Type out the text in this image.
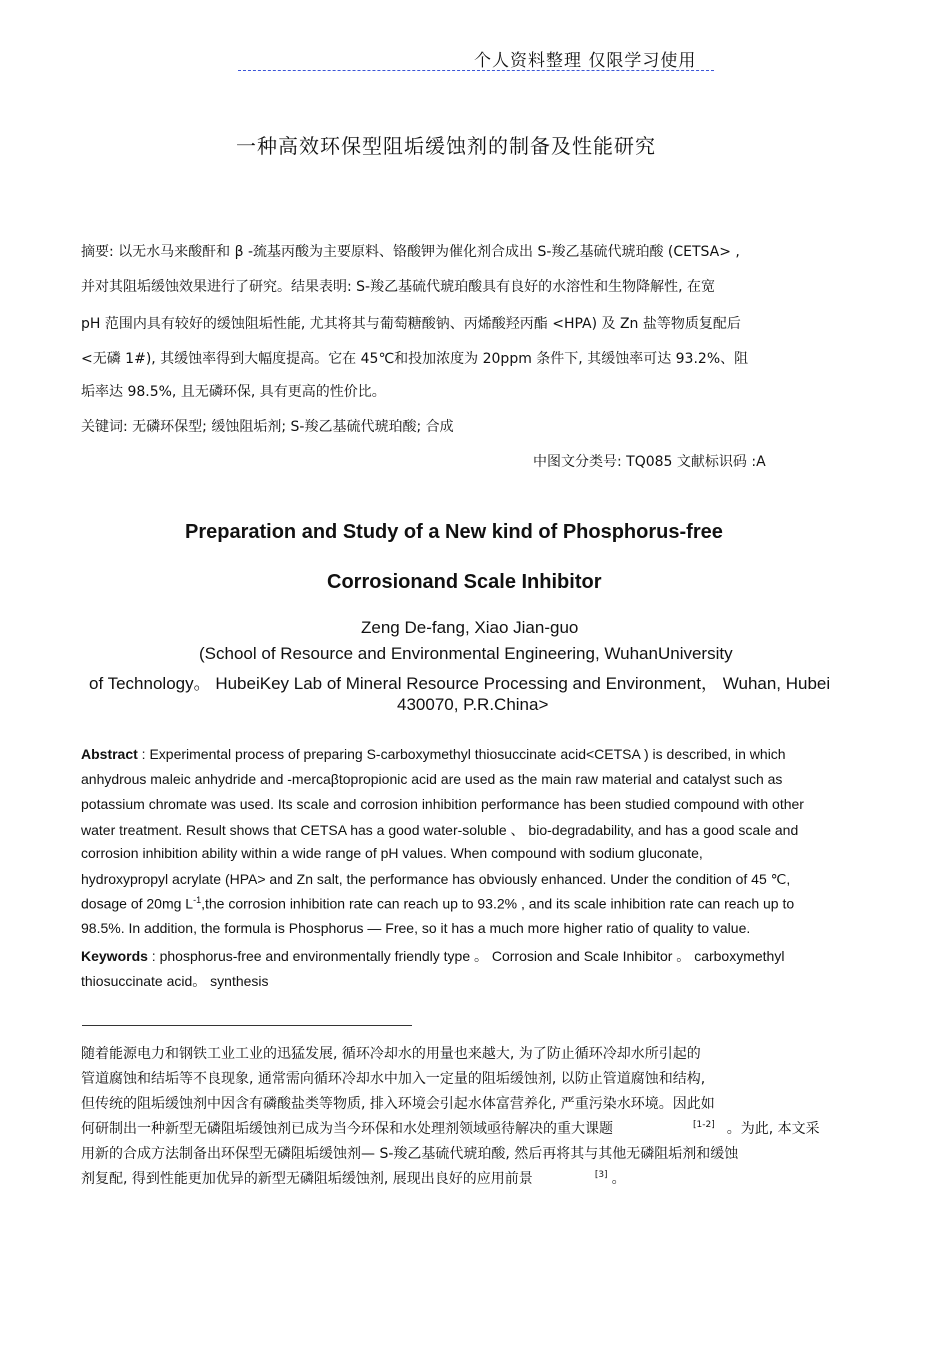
个人资料整理 仅限学习使用
一种高效环保型阻垢缓蚀剂的制备及性能研究
摘要: 以无水马来酸酐和 β -巯基丙酸为主要原料、铬酸钾为催化剂合成出 S-羧乙基硫代琥珀酸 (CETSA> ,
并对其阻垢缓蚀效果进行了研究。结果表明: S-羧乙基硫代琥珀酸具有良好的水溶性和生物降解性, 在宽
pH 范围内具有较好的缓蚀阻垢性能, 尤其将其与葡萄糖酸钠、丙烯酸羟丙酯 <HPA) 及 Zn 盐等物质复配后
<无磷 1#), 其缓蚀率得到大幅度提高。它在 45℃和投加浓度为 20ppm 条件下, 其缓蚀率可达 93.2%、阻
垢率达 98.5%, 且无磷环保, 具有更高的性价比。
关键词: 无磷环保型; 缓蚀阻垢剂; S-羧乙基硫代琥珀酸; 合成
中图文分类号: TQ085 文献标识码 :A
Preparation and Study of a New kind of Phosphorus-free
Corrosionand Scale Inhibitor
Zeng De-fang, Xiao Jian-guo
(School of Resource and Environmental Engineering, WuhanUniversity
of Technology。 HubeiKey Lab of Mineral Resource Processing and Environment， Wuhan, Hubei
430070, P.R.China>
Abstract : Experimental process of preparing S-carboxymethyl thiosuccinate acid<CETSA ) is described, in which
anhydrous maleic anhydride and -mercaβtopropionic acid are used as the main raw material and catalyst such as
potassium chromate was used. Its scale and corrosion inhibition performance has been studied compound with other
water treatment. Result shows that CETSA has a good water-soluble 、 bio-degradability, and has a good scale and
corrosion inhibition ability within a wide range of pH values. When compound with sodium gluconate,
hydroxypropyl acrylate (HPA> and Zn salt, the performance has obviously enhanced. Under the condition of 45 ℃,
dosage of 20mg $L^{-1},the$ corrosion inhibition rate can reach up to 93.2% , and its scale inhibition rate can reach up to
98.5%. In addition, the formula is Phosphorus — Free, so it has a much more higher ratio of quality to value.
Keywords : phosphorus-free and environmentally friendly type 。 Corrosion and Scale Inhibitor 。 carboxymethyl
thiosuccinate acid。 synthesis
随着能源电力和钢铁工业工业的迅猛发展, 循环冷却水的用量也来越大, 为了防止循环冷却水所引起的
管道腐蚀和结垢等不良现象, 通常需向循环冷却水中加入一定量的阻垢缓蚀剂, 以防止管道腐蚀和结构,
但传统的阻垢缓蚀剂中因含有磷酸盐类等物质, 排入环境会引起水体富营养化, 严重污染水环境。因此如
何研制出一种新型无磷阻垢缓蚀剂已成为当今环保和水处理剂领域亟待解决的重大课题	[1-2] 。为此, 本文采
用新的合成方法制备出环保型无磷阻垢缓蚀剂— S-羧乙基硫代琥珀酸, 然后再将其与其他无磷阻垢剂和缓蚀
剂复配, 得到性能更加优异的新型无磷阻垢缓蚀剂, 展现出良好的应用前景	[3] 。
